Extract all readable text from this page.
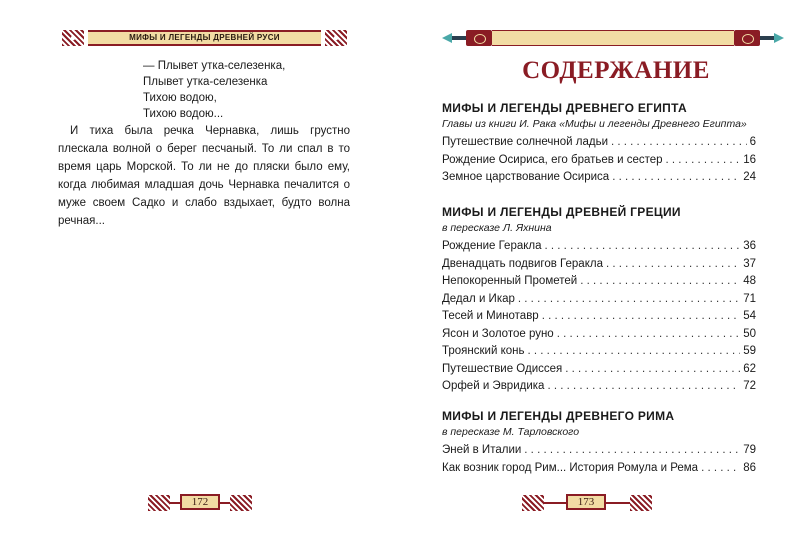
МИФЫ И ЛЕГЕНДЫ ДРЕВНЕЙ РУСИ
— Плывет утка-селезенка,
Плывет утка-селезенка
Тихою водою,
Тихою водою...

И тиха была речка Чернавка, лишь грустно плескала волной о берег песчаный. То ли спал в то время царь Морской. То ли не до пляски было ему, когда любимая младшая дочь Чернавка печалится о муже своем Садко и слабо вздыхает, будто волна речная...

172
СОДЕРЖАНИЕ
МИФЫ И ЛЕГЕНДЫ ДРЕВНЕГО ЕГИПТА
Главы из книги И. Рака «Мифы и легенды Древнего Египта»
Путешествие солнечной ладьи . . .	6
Рождение Осириса, его братьев и сестер . . .	16
Земное царствование Осириса . . .	24
МИФЫ И ЛЕГЕНДЫ ДРЕВНЕЙ ГРЕЦИИ
в пересказе Л. Яхнина
Рождение Геракла . . .	36
Двенадцать подвигов Геракла . . .	37
Непокоренный Прометей . . .	48
Дедал и Икар . . .	71
Тесей и Минотавр . . .	54
Ясон и Золотое руно . . .	50
Троянский конь . . .	59
Путешествие Одиссея . . .	62
Орфей и Эвридика . . .	72
МИФЫ И ЛЕГЕНДЫ ДРЕВНЕГО РИМА
в пересказе М. Тарловского
Эней в Италии . . .	79
Как возник город Рим... История Ромула и Рема . . .	86
173
